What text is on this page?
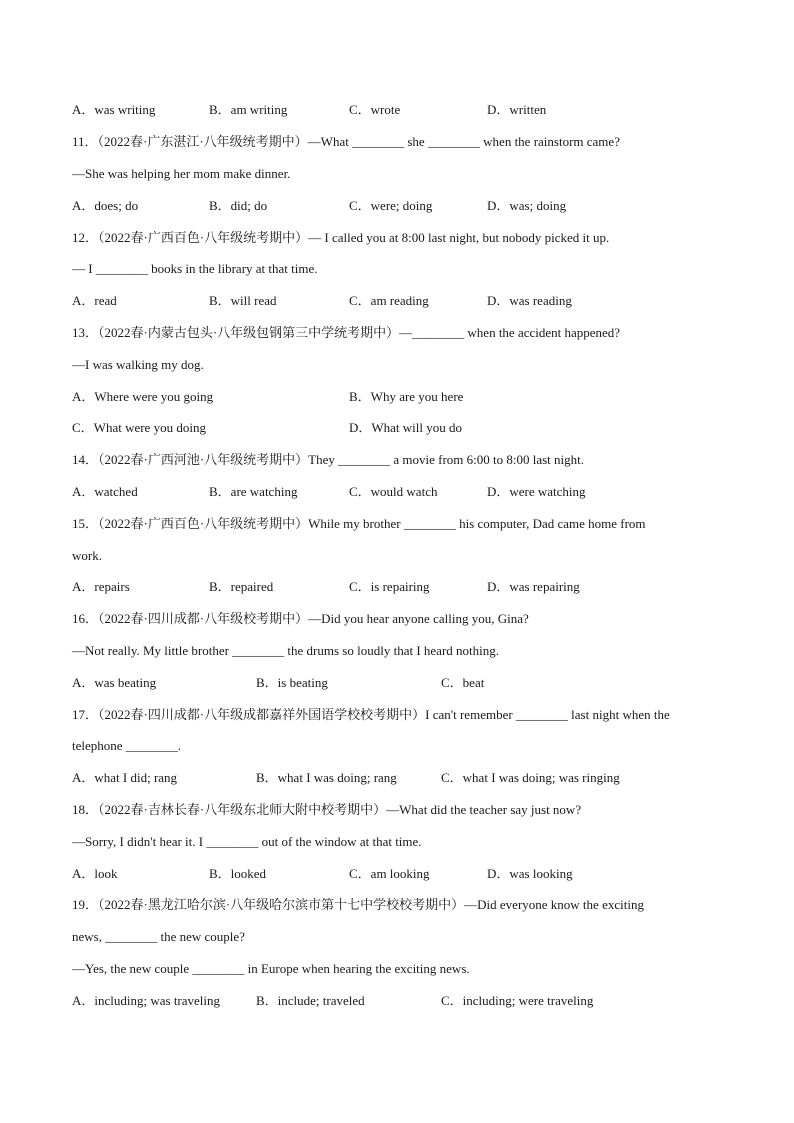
A．was writing	B．am writing	C．wrote	D．written
11．（2022春·广东湛江·八年级统考期中）—What ________ she ________ when the rainstorm came?
—She was helping her mom make dinner.
A．does; do	B．did; do	C．were; doing	D．was; doing
12．（2022春·广西百色·八年级统考期中）— I called you at 8:00 last night, but nobody picked it up.
— I ________ books in the library at that time.
A．read	B．will read	C．am reading	D．was reading
13．（2022春·内蒙古包头·八年级包钢第三中学统考期中）—________ when the accident happened?
—I was walking my dog.
A．Where were you going	B．Why are you here
C．What were you doing	D．What will you do
14．（2022春·广西河池·八年级统考期中）They ________ a movie from 6:00 to 8:00 last night.
A．watched	B．are watching	C．would watch	D．were watching
15．（2022春·广西百色·八年级统考期中）While my brother ________ his computer, Dad came home from
work.
A．repairs	B．repaired	C．is repairing	D．was repairing
16．（2022春·四川成都·八年级校考期中）—Did you hear anyone calling you, Gina?
—Not really. My little brother ________ the drums so loudly that I heard nothing.
A．was beating	B．is beating	C．beat
17．（2022春·四川成都·八年级成都嘉祥外国语学校校考期中）I can't remember ________ last night when the
telephone ________.
A．what I did; rang	B．what I was doing; rang	C．what I was doing; was ringing
18．（2022春·吉林长春·八年级东北师大附中校考期中）—What did the teacher say just now?
—Sorry, I didn't hear it. I ________ out of the window at that time.
A．look	B．looked	C．am looking	D．was looking
19．（2022春·黑龙江哈尔滨·八年级哈尔滨市第十七中学校校考期中）—Did everyone know the exciting
news, ________ the new couple?
—Yes, the new couple ________ in Europe when hearing the exciting news.
A．including; was traveling	B．include; traveled	C．including; were traveling
